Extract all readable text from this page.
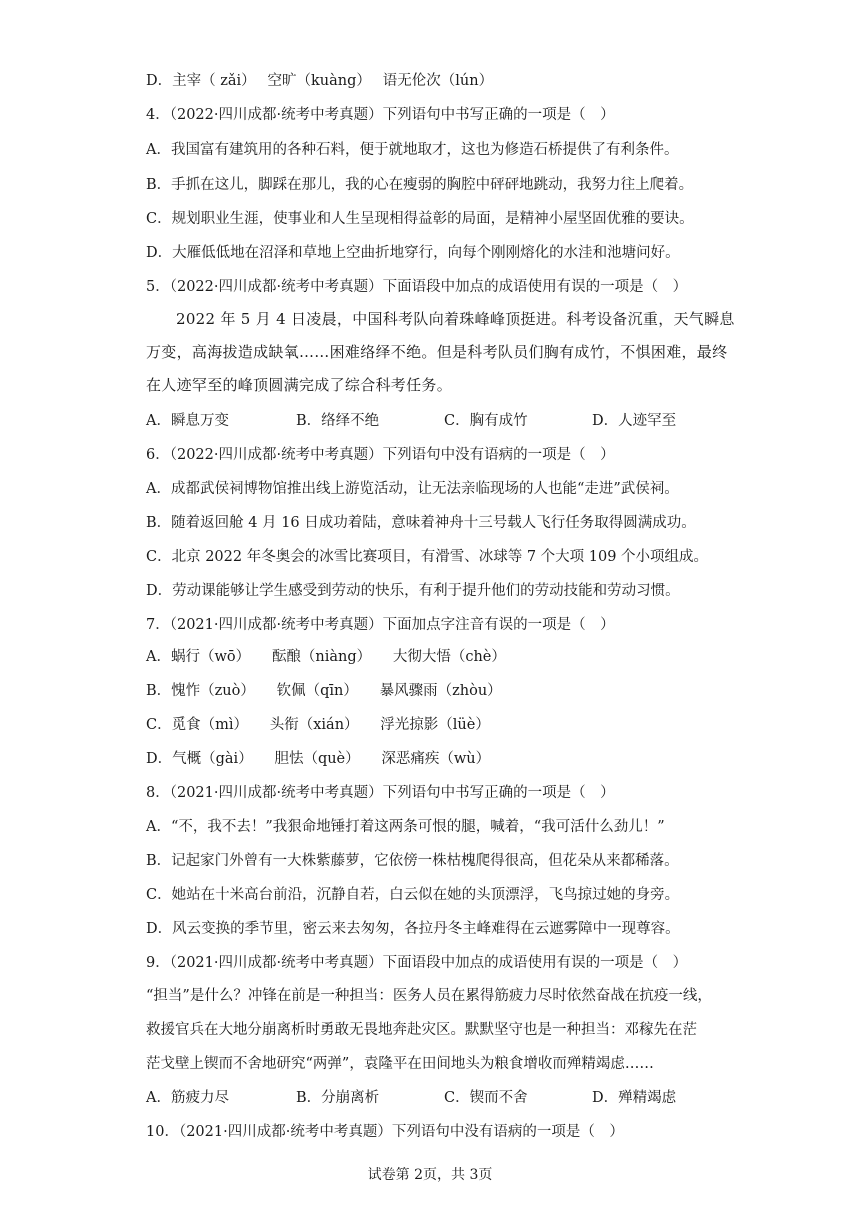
D．主宰（ zǎi）　 空旷（kuàng）　 语无伦次（lún）
4．（2022·四川成都·统考中考真题）下列语句中书写正确的一项是（　）
A．我国富有建筑用的各种石料，便于就地取才，这也为修造石桥提供了有利条件。
B．手抓在这儿，脚踩在那儿，我的心在瘦弱的胸腔中砰砰地跳动，我努力往上爬着。
C．规划职业生涯，使事业和人生呈现相得益彰的局面，是精神小屋坚固优雅的要诀。
D．大雁低低地在沼泽和草地上空曲折地穿行，向每个刚刚熔化的水洼和池塘问好。
5．（2022·四川成都·统考中考真题）下面语段中加点的成语使用有误的一项是（　）
2022 年 5 月 4 日凌晨，中国科考队向着珠峰峰顶挺进。科考设备沉重，天气瞬息
万变，高海拔造成缺氧……困难络绎不绝。但是科考队员们胸有成竹，不惧困难，最终
在人迹罕至的峰顶圆满完成了综合科考任务。
A．瞬息万变	B．络绎不绝	C．胸有成竹	D．人迹罕至
6．（2022·四川成都·统考中考真题）下列语句中没有语病的一项是（　）
A．成都武侯祠博物馆推出线上游览活动，让无法亲临现场的人也能“走进”武侯祠。
B．随着返回舱 4 月 16 日成功着陆，意味着神舟十三号载人飞行任务取得圆满成功。
C．北京 2022 年冬奥会的冰雪比赛项目，有滑雪、冰球等 7 个大项 109 个小项组成。
D．劳动课能够让学生感受到劳动的快乐，有利于提升他们的劳动技能和劳动习惯。
7．（2021·四川成都·统考中考真题）下面加点字注音有误的一项是（　）
A．蜗行（wō）　　酝酿（niàng）　　大彻大悟（chè）
B．愧怍（zuò）　　钦佩（qīn）　　暴风骤雨（zhòu）
C．觅食（mì）　　头衔（xián）　　浮光掠影（lüè）
D．气概（gài）　　胆怯（què）　　深恶痛疾（wù）
8．（2021·四川成都·统考中考真题）下列语句中书写正确的一项是（　）
A．“不，我不去！”我狠命地锤打着这两条可恨的腿，喊着，“我可活什么劲儿！”
B．记起家门外曾有一大株紫藤萝，它依傍一株枯槐爬得很高，但花朵从来都稀落。
C．她站在十米高台前沿，沉静自若，白云似在她的头顶漂浮，飞鸟掠过她的身旁。
D．风云变换的季节里，密云来去匆匆，各拉丹冬主峰难得在云遮雾障中一现尊容。
9．（2021·四川成都·统考中考真题）下面语段中加点的成语使用有误的一项是（　）
“担当”是什么？冲锋在前是一种担当：医务人员在累得筋疲力尽时依然奋战在抗疫一线，
救援官兵在大地分崩离析时勇敢无畏地奔赴灾区。默默坚守也是一种担当：邓稼先在茫
茫戈壁上锲而不舍地研究“两弹”，袁隆平在田间地头为粮食增收而殚精竭虑……
A．筋疲力尽	B．分崩离析	C．锲而不舍	D．殚精竭虑
10．（2021·四川成都·统考中考真题）下列语句中没有语病的一项是（　）
试卷第 2页，共 3页
